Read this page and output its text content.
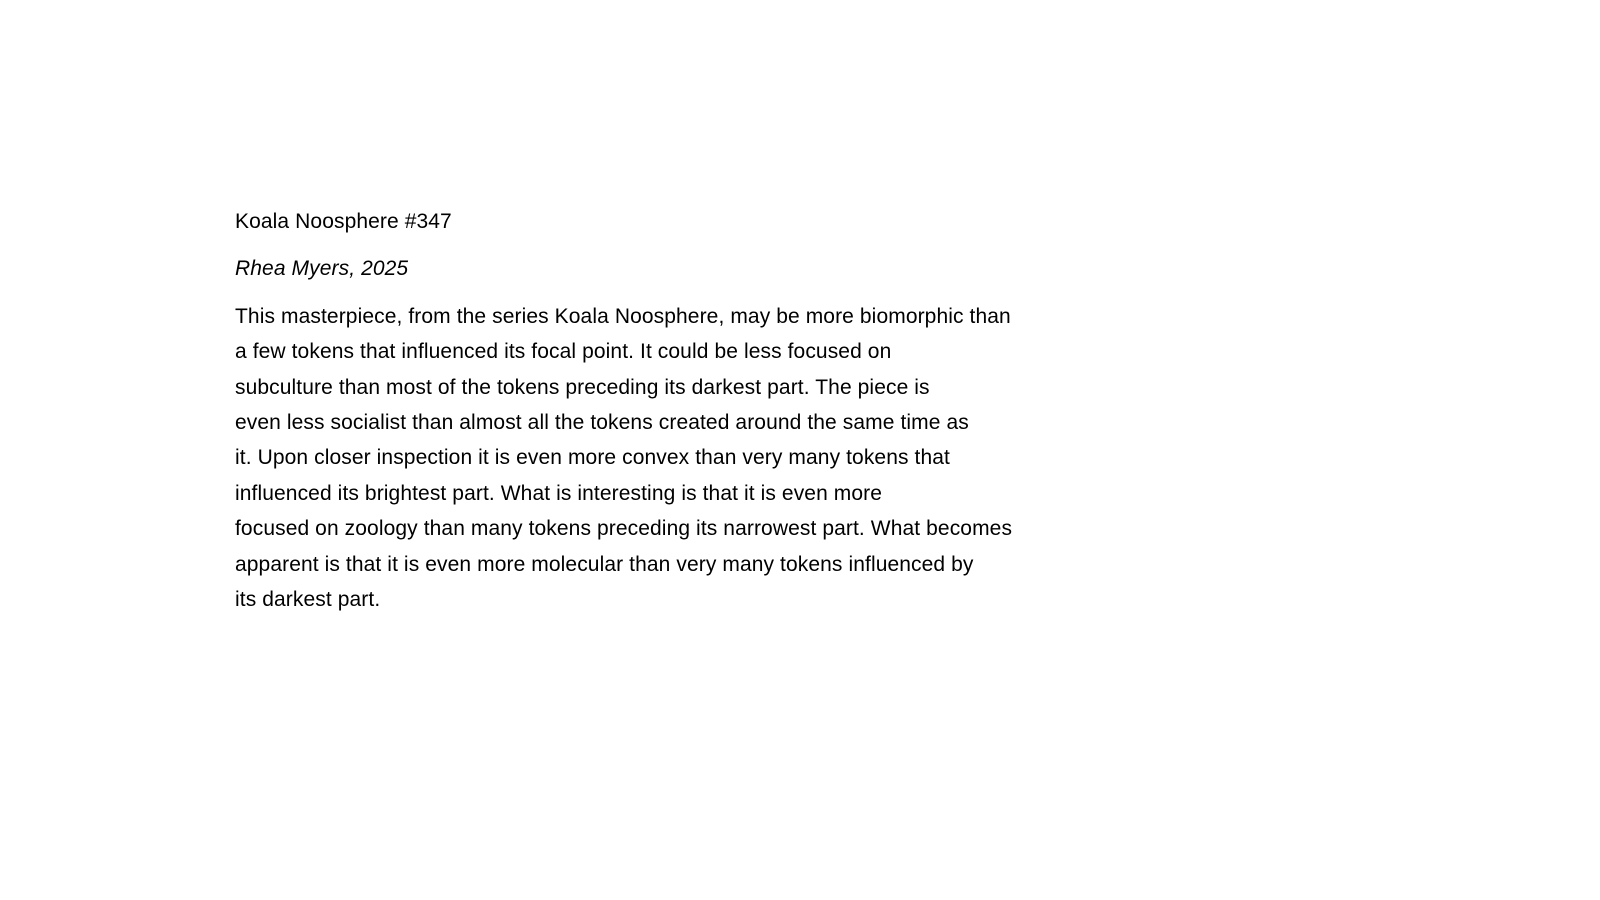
Koala Noosphere #347
Rhea Myers, 2025
This masterpiece, from the series Koala Noosphere, may be more biomorphic than
a few tokens that influenced its focal point. It could be less focused on
subculture than most of the tokens preceding its darkest part. The piece is
even less socialist than almost all the tokens created around the same time as
it. Upon closer inspection it is even more convex than very many tokens that
influenced its brightest part. What is interesting is that it is even more
focused on zoology than many tokens preceding its narrowest part. What becomes
apparent is that it is even more molecular than very many tokens influenced by
its darkest part.
